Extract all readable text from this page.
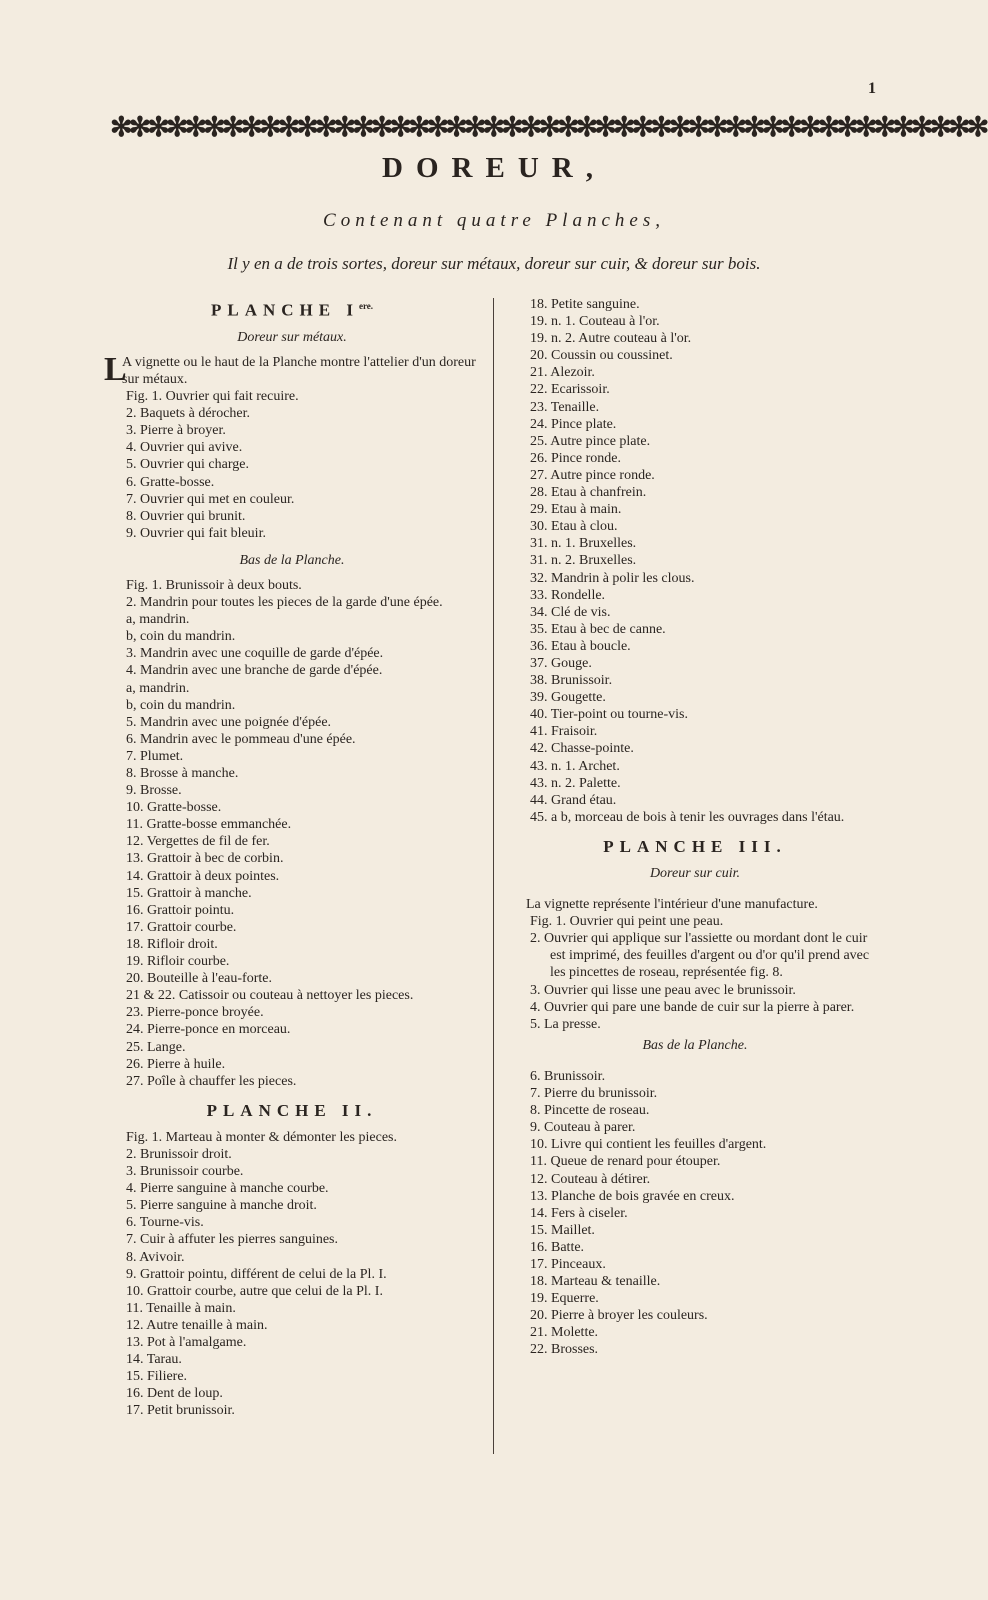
1
✻✻✻✻✻✻✻✻✻✻✻✻✻✻✻✻✻✻✻✻✻✻✻✻✻✻✻✻✻✻✻✻✻✻✻✻✻✻✻✻✻✻✻✻✻✻✻
DOREUR,
Contenant quatre Planches,
Il y en a de trois sortes, doreur sur métaux, doreur sur cuir, & doreur sur bois.
PLANCHE $I^{ere.}$
Doreur sur métaux.
L
A vignette ou le haut de la Planche montre l'attelier d'un doreur sur métaux.
Fig. 1. Ouvrier qui fait recuire.
2. Baquets à dérocher.
3. Pierre à broyer.
4. Ouvrier qui avive.
5. Ouvrier qui charge.
6. Gratte-bosse.
7. Ouvrier qui met en couleur.
8. Ouvrier qui brunit.
9. Ouvrier qui fait bleuir.
Bas de la Planche.
Fig. 1. Brunissoir à deux bouts.
2. Mandrin pour toutes les pieces de la garde d'une épée.
a, mandrin.
b, coin du mandrin.
3. Mandrin avec une coquille de garde d'épée.
4. Mandrin avec une branche de garde d'épée.
a, mandrin.
b, coin du mandrin.
5. Mandrin avec une poignée d'épée.
6. Mandrin avec le pommeau d'une épée.
7. Plumet.
8. Brosse à manche.
9. Brosse.
10. Gratte-bosse.
11. Gratte-bosse emmanchée.
12. Vergettes de fil de fer.
13. Grattoir à bec de corbin.
14. Grattoir à deux pointes.
15. Grattoir à manche.
16. Grattoir pointu.
17. Grattoir courbe.
18. Rifloir droit.
19. Rifloir courbe.
20. Bouteille à l'eau-forte.
21 & 22. Catissoir ou couteau à nettoyer les pieces.
23. Pierre-ponce broyée.
24. Pierre-ponce en morceau.
25. Lange.
26. Pierre à huile.
27. Poîle à chauffer les pieces.
PLANCHE II.
Fig. 1. Marteau à monter & démonter les pieces.
2. Brunissoir droit.
3. Brunissoir courbe.
4. Pierre sanguine à manche courbe.
5. Pierre sanguine à manche droit.
6. Tourne-vis.
7. Cuir à affuter les pierres sanguines.
8. Avivoir.
9. Grattoir pointu, différent de celui de la Pl. I.
10. Grattoir courbe, autre que celui de la Pl. I.
11. Tenaille à main.
12. Autre tenaille à main.
13. Pot à l'amalgame.
14. Tarau.
15. Filiere.
16. Dent de loup.
17. Petit brunissoir.
18. Petite sanguine.
19. n. 1. Couteau à l'or.
19. n. 2. Autre couteau à l'or.
20. Coussin ou coussinet.
21. Alezoir.
22. Ecarissoir.
23. Tenaille.
24. Pince plate.
25. Autre pince plate.
26. Pince ronde.
27. Autre pince ronde.
28. Etau à chanfrein.
29. Etau à main.
30. Etau à clou.
31. n. 1. Bruxelles.
31. n. 2. Bruxelles.
32. Mandrin à polir les clous.
33. Rondelle.
34. Clé de vis.
35. Etau à bec de canne.
36. Etau à boucle.
37. Gouge.
38. Brunissoir.
39. Gougette.
40. Tier-point ou tourne-vis.
41. Fraisoir.
42. Chasse-pointe.
43. n. 1. Archet.
43. n. 2. Palette.
44. Grand étau.
45. a b, morceau de bois à tenir les ouvrages dans l'étau.
PLANCHE III.
Doreur sur cuir.
La vignette représente l'intérieur d'une manufacture.
Fig. 1. Ouvrier qui peint une peau.
2. Ouvrier qui applique sur l'assiette ou mordant dont le cuir est imprimé, des feuilles d'argent ou d'or qu'il prend avec les pincettes de roseau, représentée fig. 8.
3. Ouvrier qui lisse une peau avec le brunissoir.
4. Ouvrier qui pare une bande de cuir sur la pierre à parer.
5. La presse.
Bas de la Planche.
6. Brunissoir.
7. Pierre du brunissoir.
8. Pincette de roseau.
9. Couteau à parer.
10. Livre qui contient les feuilles d'argent.
11. Queue de renard pour étouper.
12. Couteau à détirer.
13. Planche de bois gravée en creux.
14. Fers à ciseler.
15. Maillet.
16. Batte.
17. Pinceaux.
18. Marteau & tenaille.
19. Equerre.
20. Pierre à broyer les couleurs.
21. Molette.
22. Brosses.
